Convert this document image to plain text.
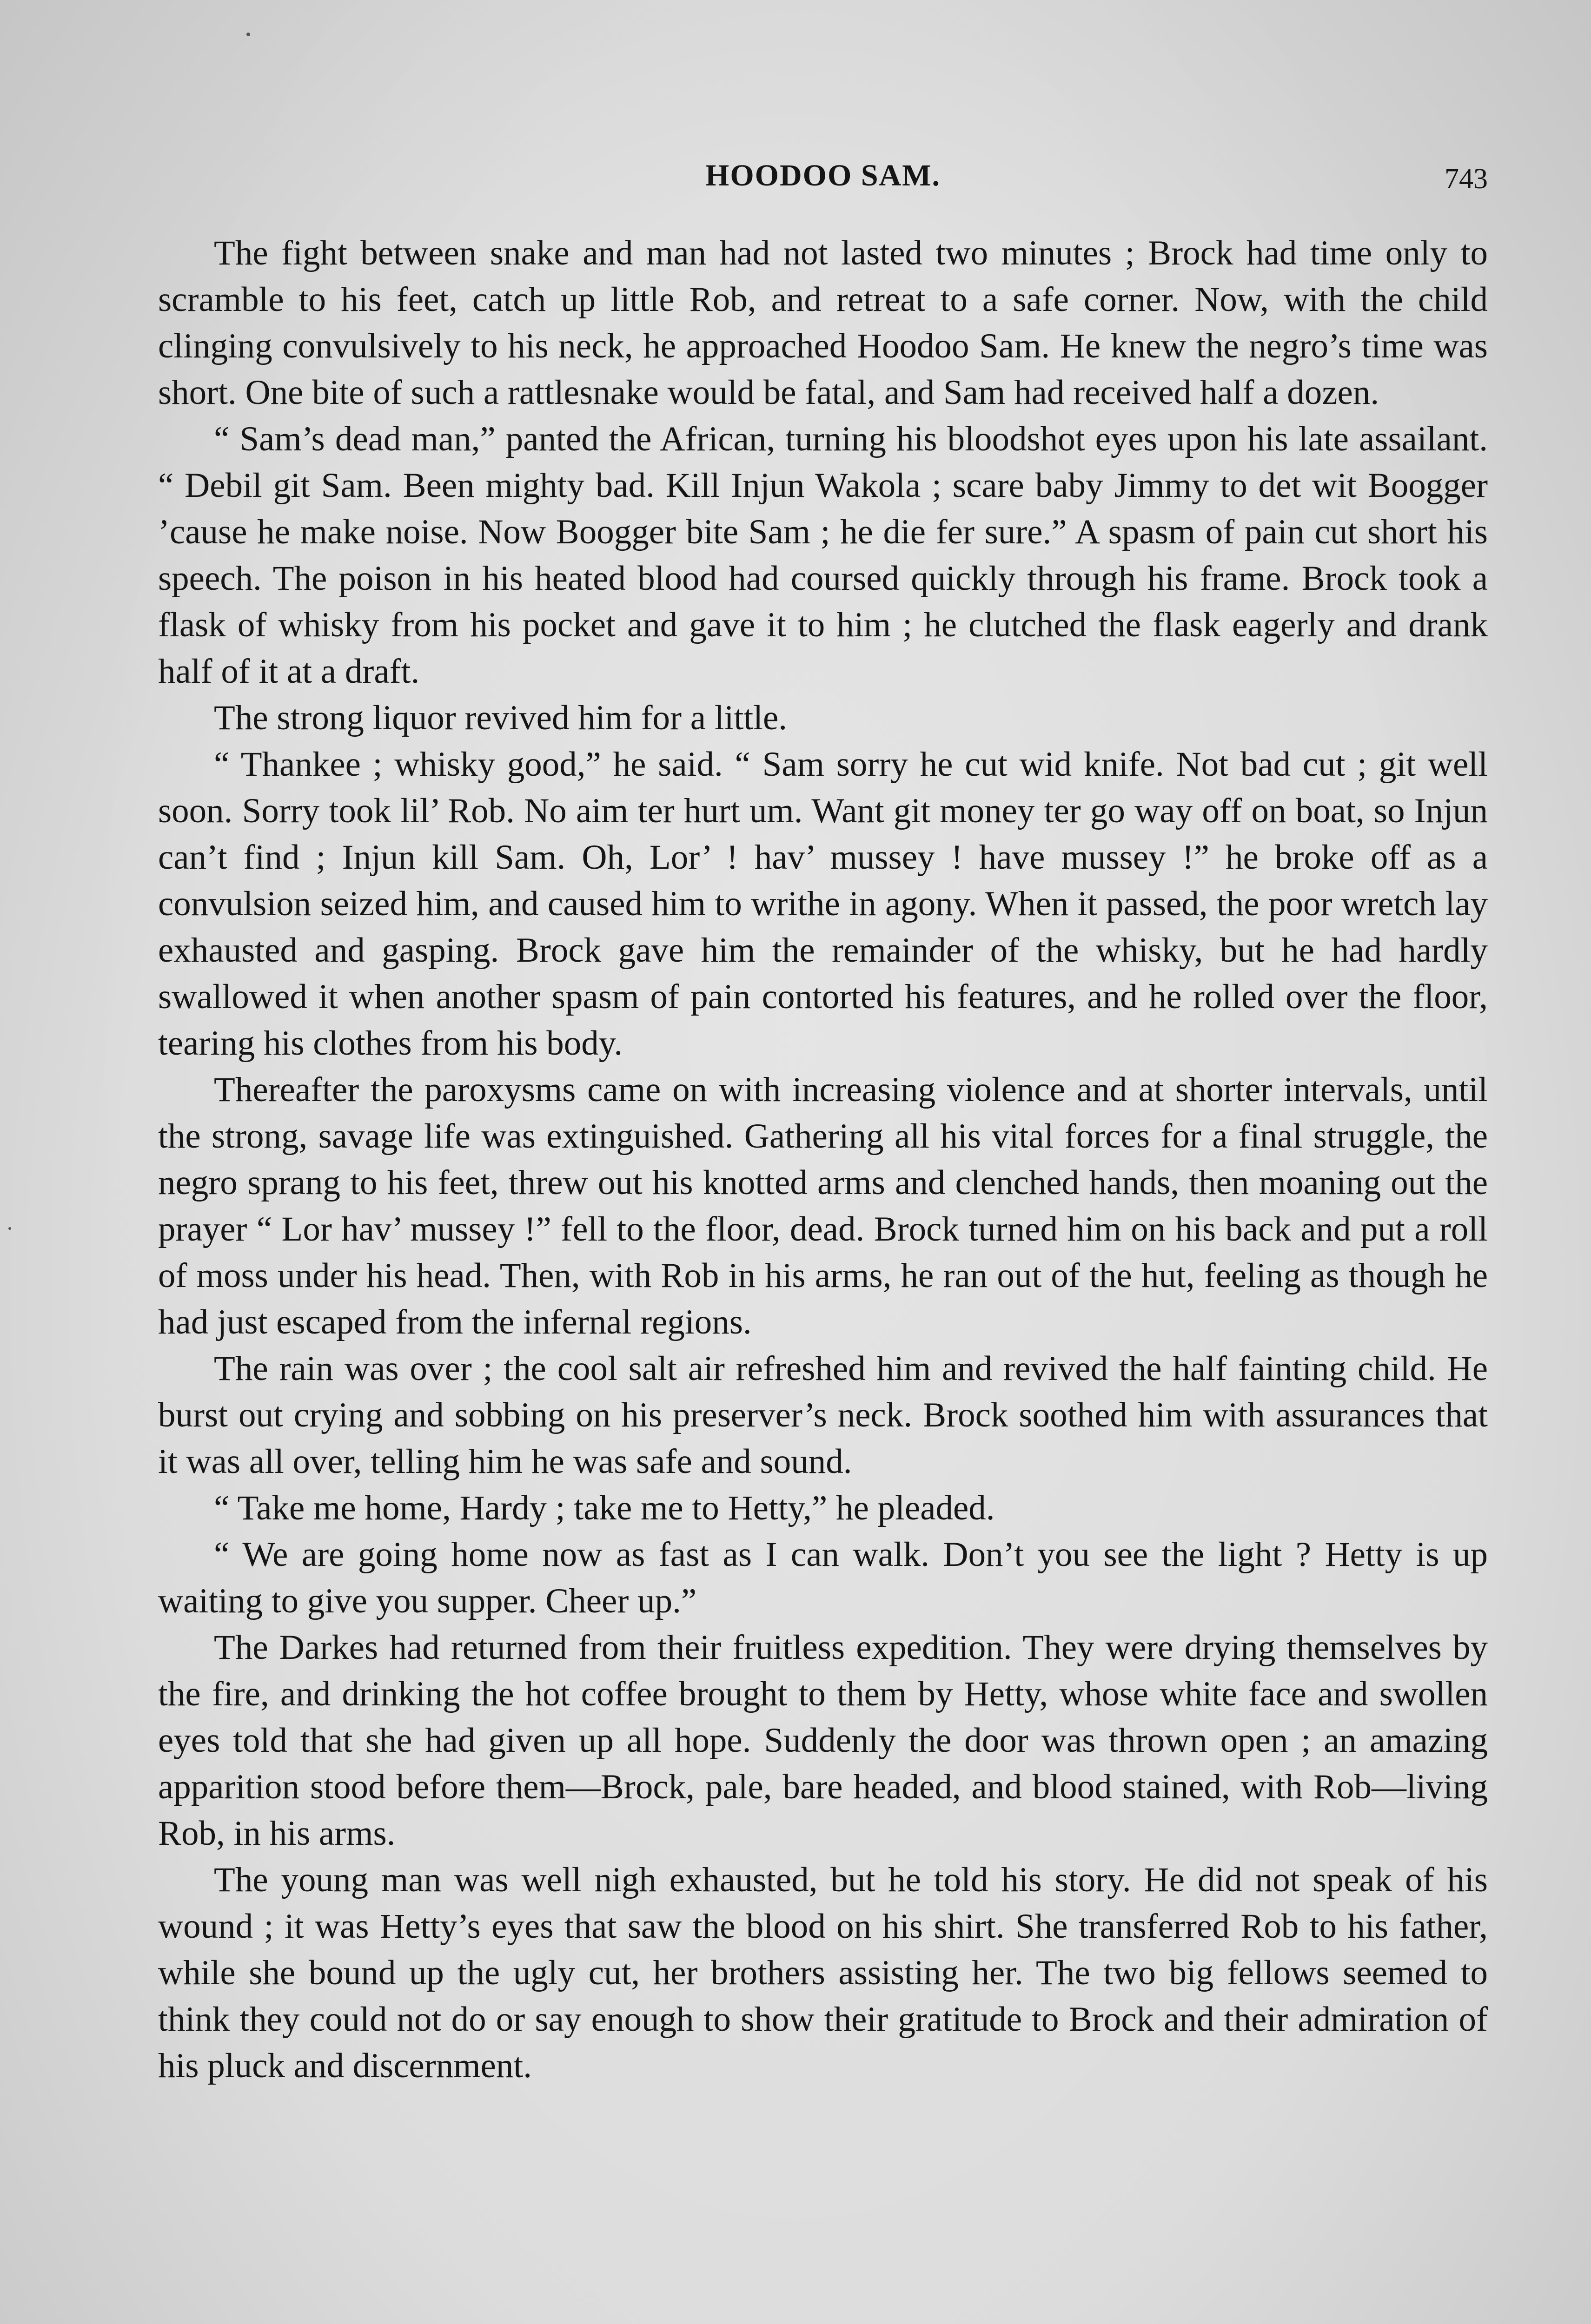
HOODOO SAM.	743

The fight between snake and man had not lasted two minutes ; Brock had time only to scramble to his feet, catch up little Rob, and retreat to a safe corner. Now, with the child clinging convulsively to his neck, he approached Hoodoo Sam. He knew the negro’s time was short. One bite of such a rattlesnake would be fatal, and Sam had received half a dozen.

“ Sam’s dead man,” panted the African, turning his bloodshot eyes upon his late assailant. “ Debil git Sam. Been mighty bad. Kill Injun Wakola ; scare baby Jimmy to det wit Boogger ’cause he make noise. Now Boogger bite Sam ; he die fer sure.” A spasm of pain cut short his speech. The poison in his heated blood had coursed quickly through his frame. Brock took a flask of whisky from his pocket and gave it to him ; he clutched the flask eagerly and drank half of it at a draft.

The strong liquor revived him for a little.

“ Thankee ; whisky good,” he said. “ Sam sorry he cut wid knife. Not bad cut ; git well soon. Sorry took lil’ Rob. No aim ter hurt um. Want git money ter go way off on boat, so Injun can’t find ; Injun kill Sam. Oh, Lor’ ! hav’ mussey ! have mussey !” he broke off as a convulsion seized him, and caused him to writhe in agony. When it passed, the poor wretch lay exhausted and gasping. Brock gave him the remainder of the whisky, but he had hardly swallowed it when another spasm of pain contorted his features, and he rolled over the floor, tearing his clothes from his body.

Thereafter the paroxysms came on with increasing violence and at shorter intervals, until the strong, savage life was extinguished. Gathering all his vital forces for a final struggle, the negro sprang to his feet, threw out his knotted arms and clenched hands, then moaning out the prayer “ Lor hav’ mussey !” fell to the floor, dead. Brock turned him on his back and put a roll of moss under his head. Then, with Rob in his arms, he ran out of the hut, feeling as though he had just escaped from the infernal regions.

The rain was over ; the cool salt air refreshed him and revived the half fainting child. He burst out crying and sobbing on his preserver’s neck. Brock soothed him with assurances that it was all over, telling him he was safe and sound.

“ Take me home, Hardy ; take me to Hetty,” he pleaded.

“ We are going home now as fast as I can walk. Don’t you see the light ? Hetty is up waiting to give you supper. Cheer up.”

The Darkes had returned from their fruitless expedition. They were drying themselves by the fire, and drinking the hot coffee brought to them by Hetty, whose white face and swollen eyes told that she had given up all hope. Suddenly the door was thrown open ; an amazing apparition stood before them—Brock, pale, bare headed, and blood stained, with Rob—living Rob, in his arms.

The young man was well nigh exhausted, but he told his story. He did not speak of his wound ; it was Hetty’s eyes that saw the blood on his shirt. She transferred Rob to his father, while she bound up the ugly cut, her brothers assisting her. The two big fellows seemed to think they could not do or say enough to show their gratitude to Brock and their admiration of his pluck and discernment.
